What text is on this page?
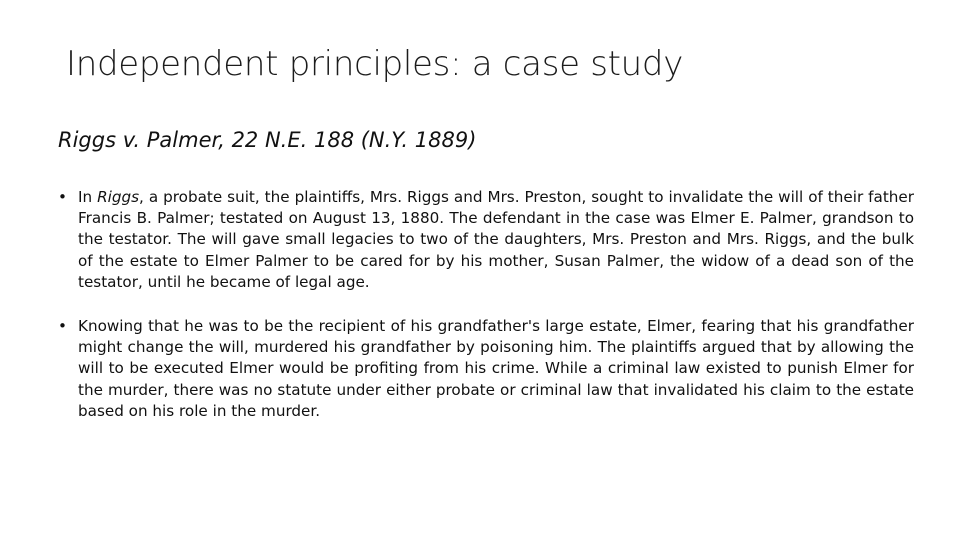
Independent principles: a case study
Riggs v. Palmer, 22 N.E. 188 (N.Y. 1889)
• In Riggs, a probate suit, the plaintiffs, Mrs. Riggs and Mrs. Preston, sought to invalidate the will of their father Francis B. Palmer; testated on August 13, 1880. The defendant in the case was Elmer E. Palmer, grandson to the testator. The will gave small legacies to two of the daughters, Mrs. Preston and Mrs. Riggs, and the bulk of the estate to Elmer Palmer to be cared for by his mother, Susan Palmer, the widow of a dead son of the testator, until he became of legal age.
• Knowing that he was to be the recipient of his grandfather's large estate, Elmer, fearing that his grandfather might change the will, murdered his grandfather by poisoning him. The plaintiffs argued that by allowing the will to be executed Elmer would be profiting from his crime. While a criminal law existed to punish Elmer for the murder, there was no statute under either probate or criminal law that invalidated his claim to the estate based on his role in the murder.
